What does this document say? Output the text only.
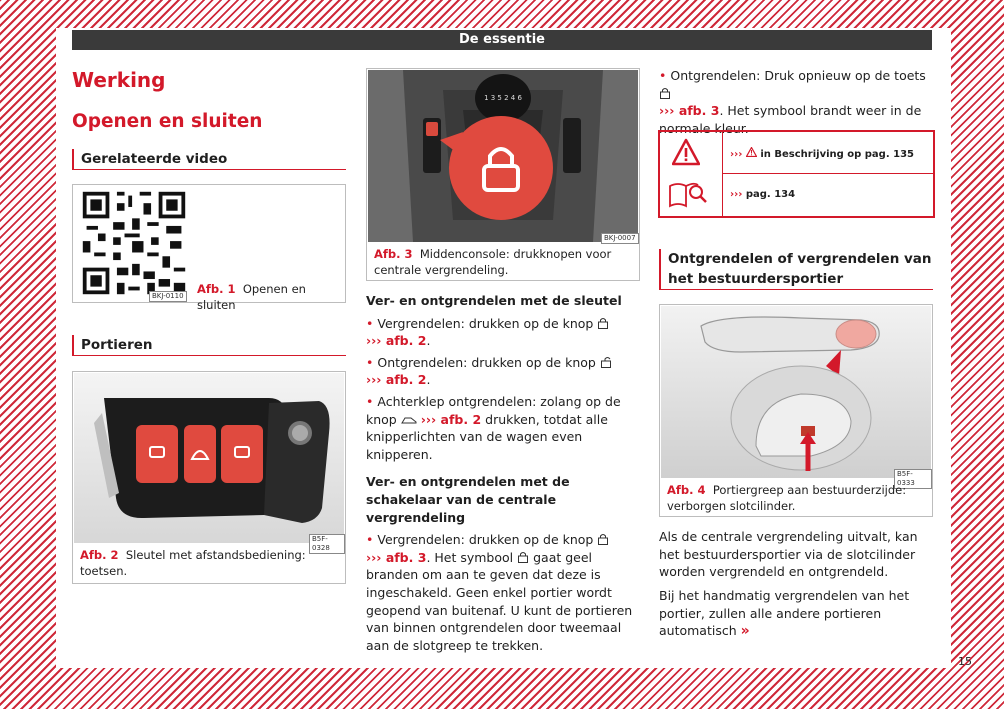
De essentie
Werking
Openen en sluiten
Gerelateerde video
BKJ-0110 Afb. 1 Openen en sluiten
Portieren
B5F-0328
Afb. 2 Sleutel met afstandsbediening: toetsen.
1 3 5 2 4 6
BKJ-0007
Afb. 3 Middenconsole: drukknopen voor centrale vergrendeling.
Ver- en ontgrendelen met de sleutel
• Vergrendelen: drukken op de knop
››› afb. 2.
• Ontgrendelen: drukken op de knop
››› afb. 2.
• Achterklep ontgrendelen: zolang op de knop ››› afb. 2 drukken, totdat alle knipperlichten van de wagen even knipperen.
Ver- en ontgrendelen met de schakelaar van de centrale vergrendeling
• Vergrendelen: drukken op de knop
››› afb. 3. Het symbool gaat geel branden om aan te geven dat deze is ingeschakeld. Geen enkel portier wordt geopend van buitenaf. U kunt de portieren van binnen ontgrendelen door tweemaal aan de slotgreep te trekken.
• Ontgrendelen: Druk opnieuw op de toets
››› afb. 3. Het symbool brandt weer in de normale kleur.
››› in Beschrijving op pag. 135
››› pag. 134
Ontgrendelen of vergrendelen van het bestuurdersportier
B5F-0333
Afb. 4 Portiergreep aan bestuurderzijde: verborgen slotcilinder.
Als de centrale vergrendeling uitvalt, kan het bestuurdersportier via de slotcilinder worden vergrendeld en ontgrendeld.
Bij het handmatig vergrendelen van het portier, zullen alle andere portieren automatisch »
15
